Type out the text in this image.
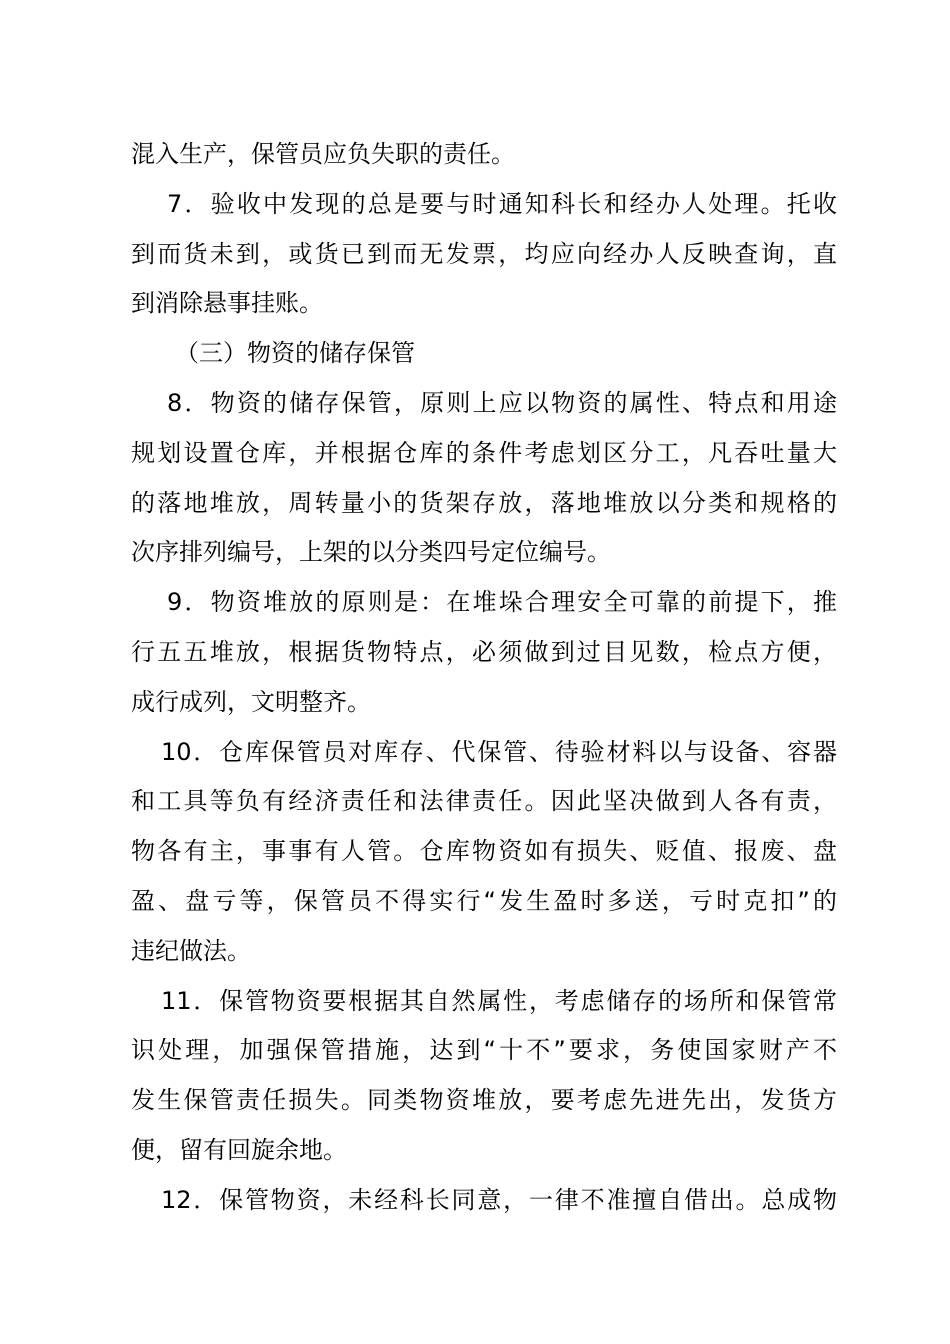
混入生产，保管员应负失职的责任。
7．验收中发现的总是要与时通知科长和经办人处理。托收
到而货未到，或货已到而无发票，均应向经办人反映查询，直
到消除悬事挂账。
（三）物资的储存保管
8．物资的储存保管，原则上应以物资的属性、特点和用途
规划设置仓库，并根据仓库的条件考虑划区分工，凡吞吐量大
的落地堆放，周转量小的货架存放，落地堆放以分类和规格的
次序排列编号，上架的以分类四号定位编号。
9．物资堆放的原则是：在堆垛合理安全可靠的前提下，推
行五五堆放，根据货物特点，必须做到过目见数，检点方便，
成行成列，文明整齐。
10．仓库保管员对库存、代保管、待验材料以与设备、容器
和工具等负有经济责任和法律责任。因此坚决做到人各有责，
物各有主，事事有人管。仓库物资如有损失、贬值、报废、盘
盈、盘亏等，保管员不得实行“发生盈时多送，亏时克扣”的
违纪做法。
11．保管物资要根据其自然属性，考虑储存的场所和保管常
识处理，加强保管措施，达到“十不”要求，务使国家财产不
发生保管责任损失。同类物资堆放，要考虑先进先出，发货方
便，留有回旋余地。
12．保管物资，未经科长同意，一律不准擅自借出。总成物
